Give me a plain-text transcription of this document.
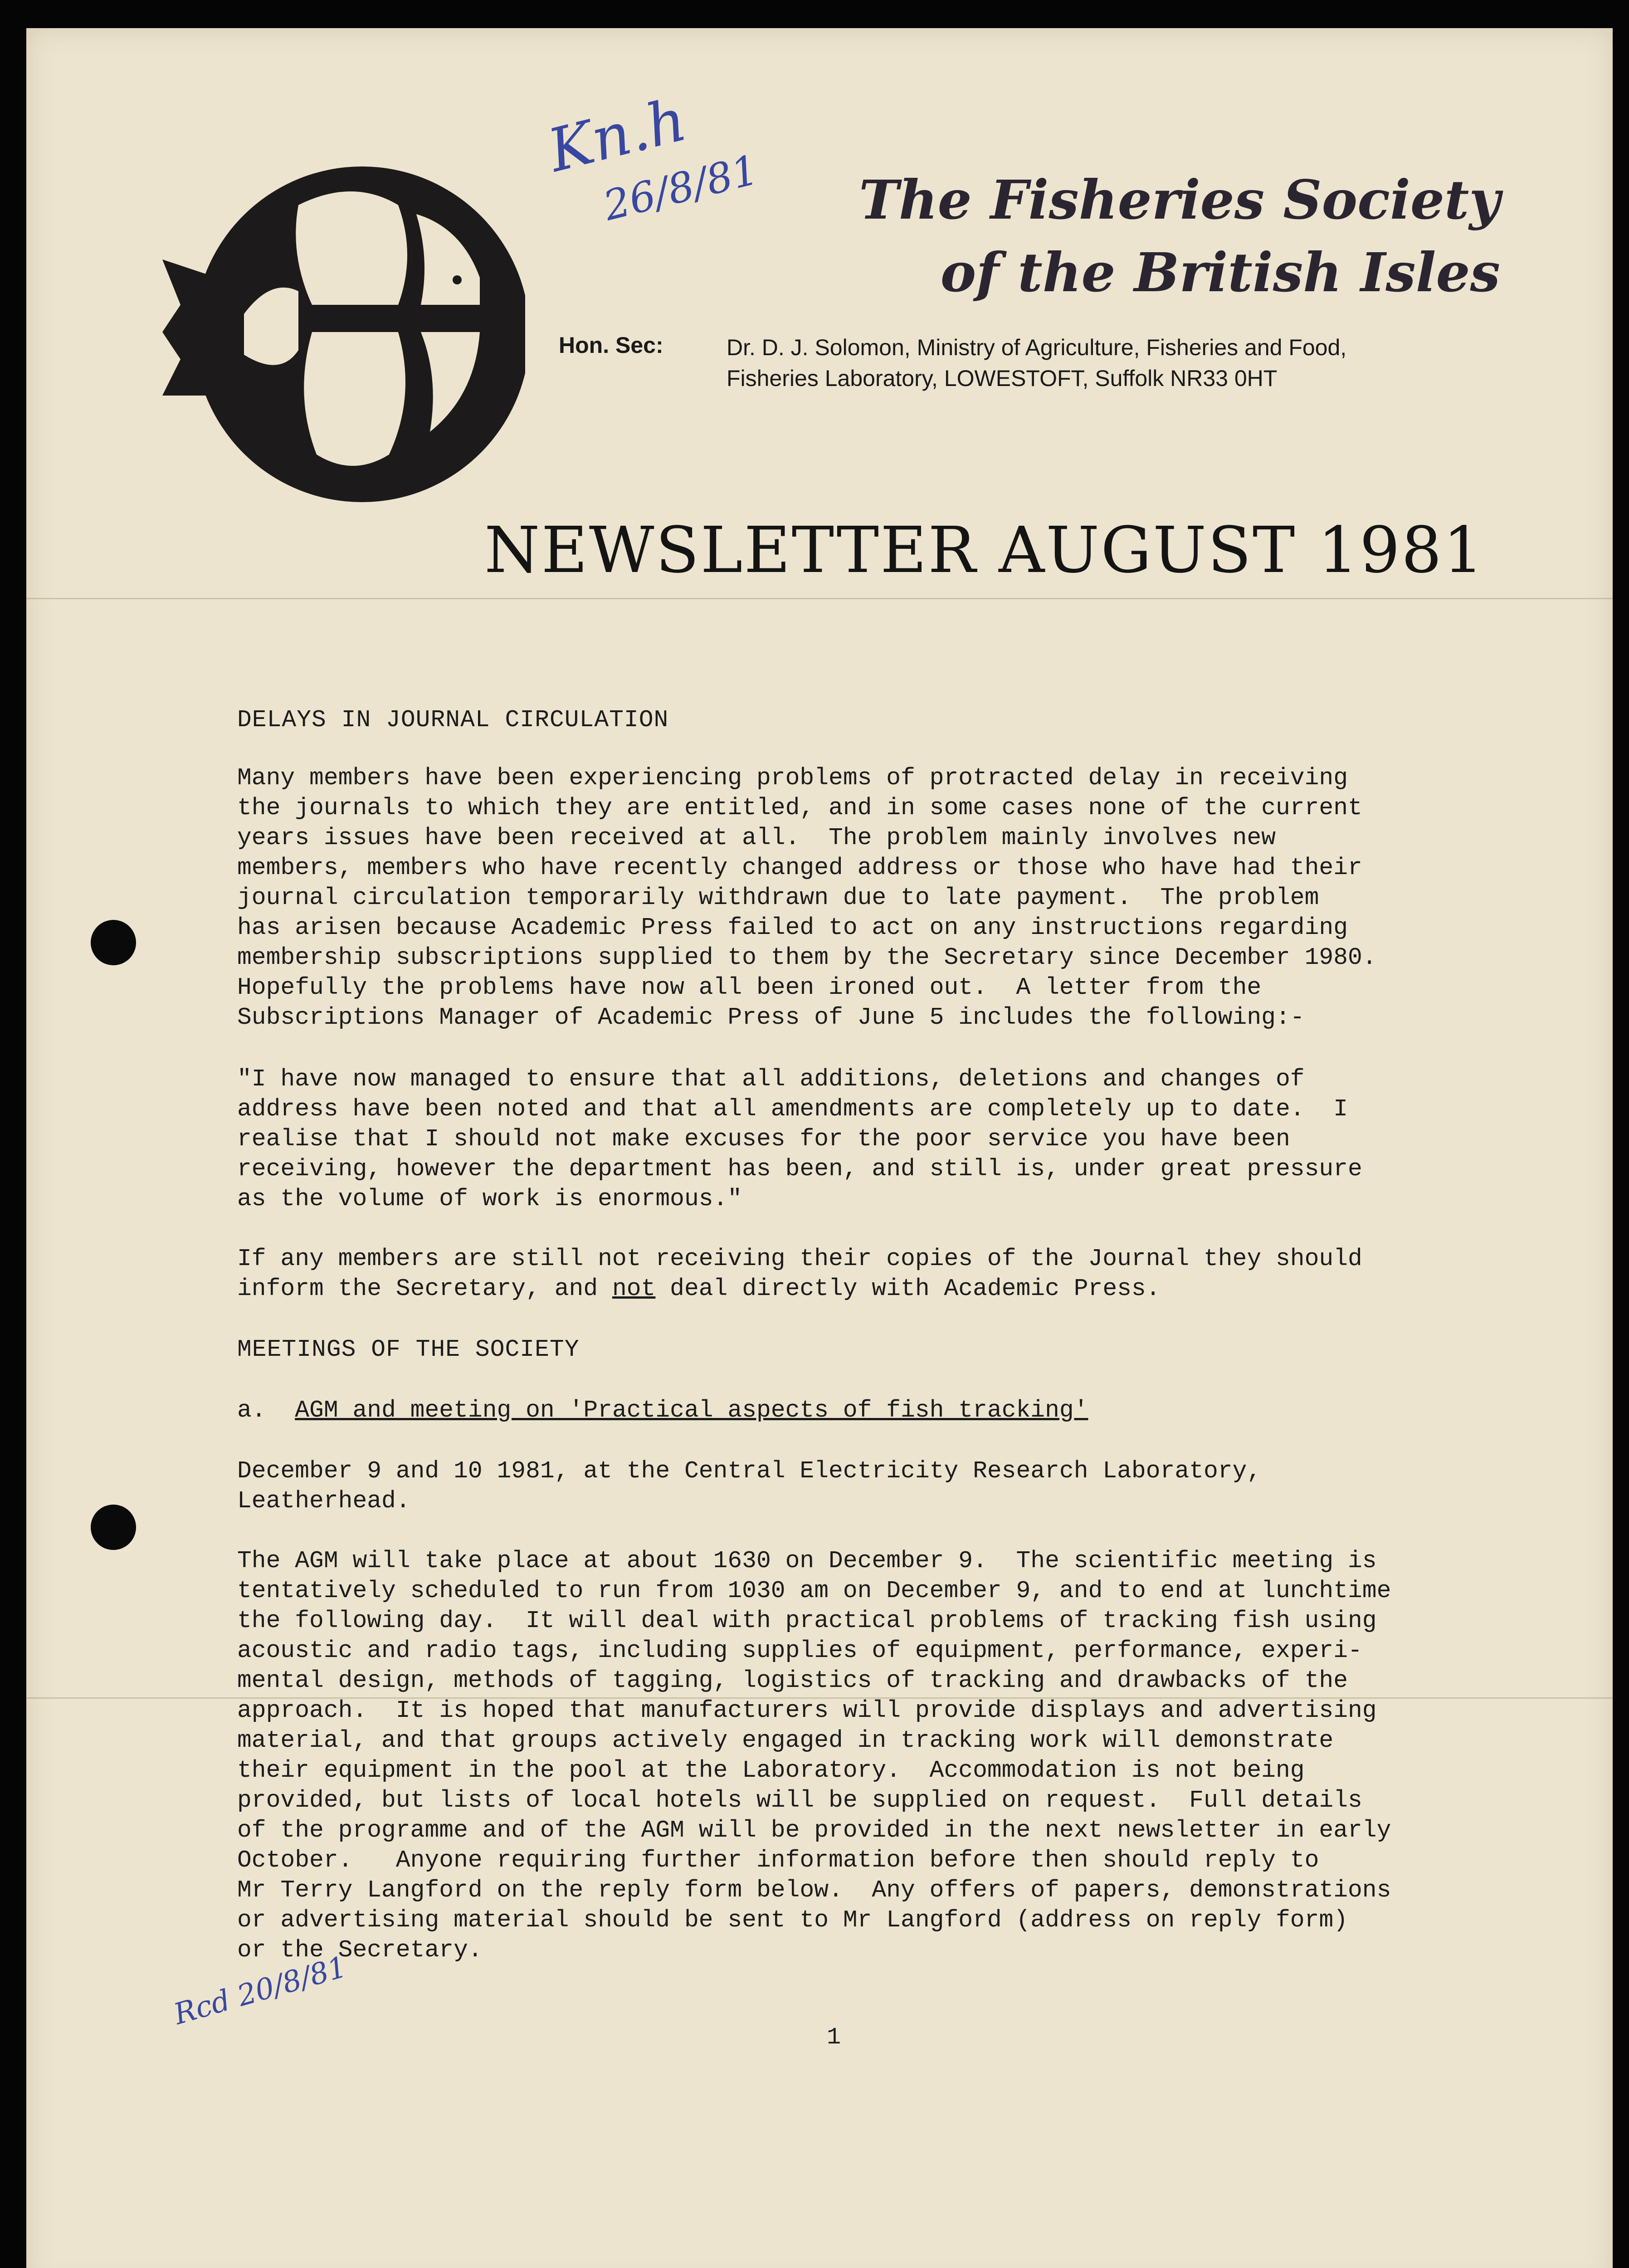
The Fisheries Society
of the British Isles
Hon. Sec:	Dr. D. J. Solomon, Ministry of Agriculture, Fisheries and Food,
Fisheries Laboratory, LOWESTOFT, Suffolk NR33 0HT
NEWSLETTER AUGUST 1981
Kn.h
26/8/81
Rcd 20/8/81
DELAYS IN JOURNAL CIRCULATION
Many members have been experiencing problems of protracted delay in receiving
the journals to which they are entitled, and in some cases none of the current
years issues have been received at all.  The problem mainly involves new
members, members who have recently changed address or those who have had their
journal circulation temporarily withdrawn due to late payment.  The problem
has arisen because Academic Press failed to act on any instructions regarding
membership subscriptions supplied to them by the Secretary since December 1980.
Hopefully the problems have now all been ironed out.  A letter from the
Subscriptions Manager of Academic Press of June 5 includes the following:-
"I have now managed to ensure that all additions, deletions and changes of
address have been noted and that all amendments are completely up to date.  I
realise that I should not make excuses for the poor service you have been
receiving, however the department has been, and still is, under great pressure
as the volume of work is enormous."
If any members are still not receiving their copies of the Journal they should
inform the Secretary, and not deal directly with Academic Press.
MEETINGS OF THE SOCIETY
a.  AGM and meeting on 'Practical aspects of fish tracking'
December 9 and 10 1981, at the Central Electricity Research Laboratory,
Leatherhead.
The AGM will take place at about 1630 on December 9.  The scientific meeting is
tentatively scheduled to run from 1030 am on December 9, and to end at lunchtime
the following day.  It will deal with practical problems of tracking fish using
acoustic and radio tags, including supplies of equipment, performance, experi-
mental design, methods of tagging, logistics of tracking and drawbacks of the
approach.  It is hoped that manufacturers will provide displays and advertising
material, and that groups actively engaged in tracking work will demonstrate
their equipment in the pool at the Laboratory.  Accommodation is not being
provided, but lists of local hotels will be supplied on request.  Full details
of the programme and of the AGM will be provided in the next newsletter in early
October.   Anyone requiring further information before then should reply to
Mr Terry Langford on the reply form below.  Any offers of papers, demonstrations
or advertising material should be sent to Mr Langford (address on reply form)
or the Secretary.
1
